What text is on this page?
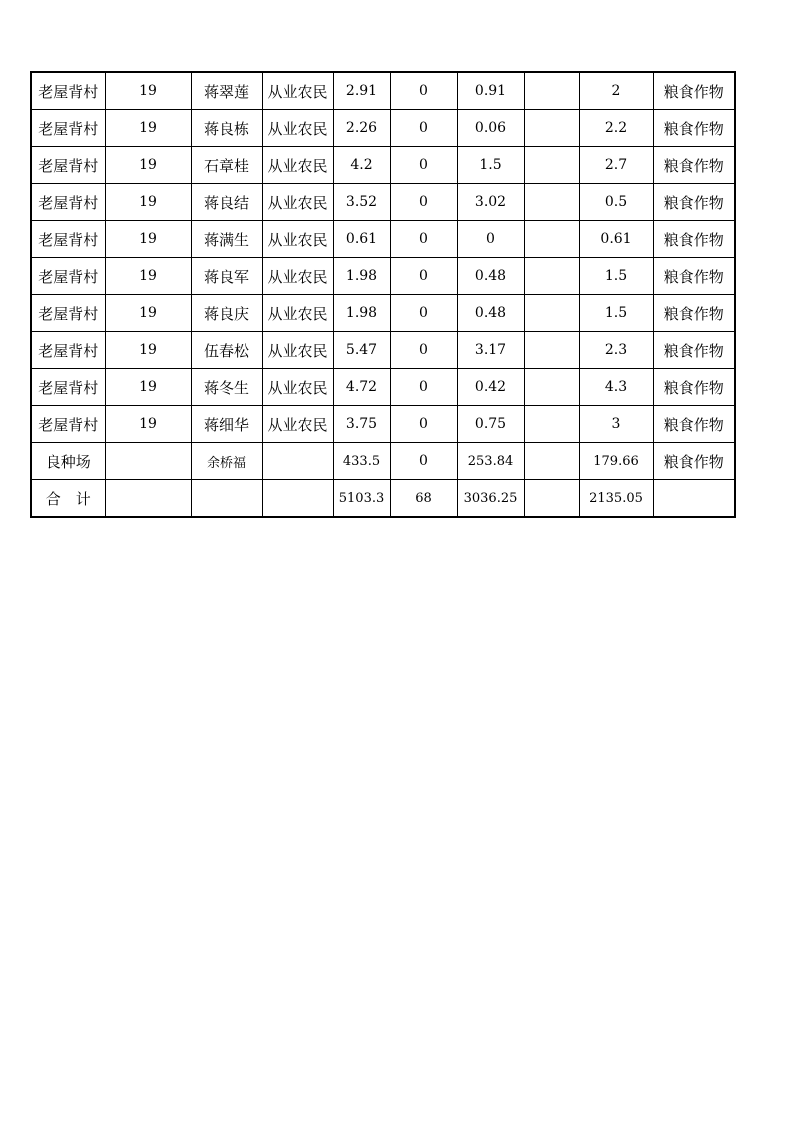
老屋背村	19	蒋翠莲	从业农民	2.91	0	0.91		2	粮食作物
老屋背村	19	蒋良栋	从业农民	2.26	0	0.06		2.2	粮食作物
老屋背村	19	石章桂	从业农民	4.2	0	1.5		2.7	粮食作物
老屋背村	19	蒋良结	从业农民	3.52	0	3.02		0.5	粮食作物
老屋背村	19	蒋满生	从业农民	0.61	0	0		0.61	粮食作物
老屋背村	19	蒋良军	从业农民	1.98	0	0.48		1.5	粮食作物
老屋背村	19	蒋良庆	从业农民	1.98	0	0.48		1.5	粮食作物
老屋背村	19	伍春松	从业农民	5.47	0	3.17		2.3	粮食作物
老屋背村	19	蒋冬生	从业农民	4.72	0	0.42		4.3	粮食作物
老屋背村	19	蒋细华	从业农民	3.75	0	0.75		3	粮食作物
良种场		余桥福		433.5	0	253.84		179.66	粮食作物
合　计				5103.3	68	3036.25		2135.05	
